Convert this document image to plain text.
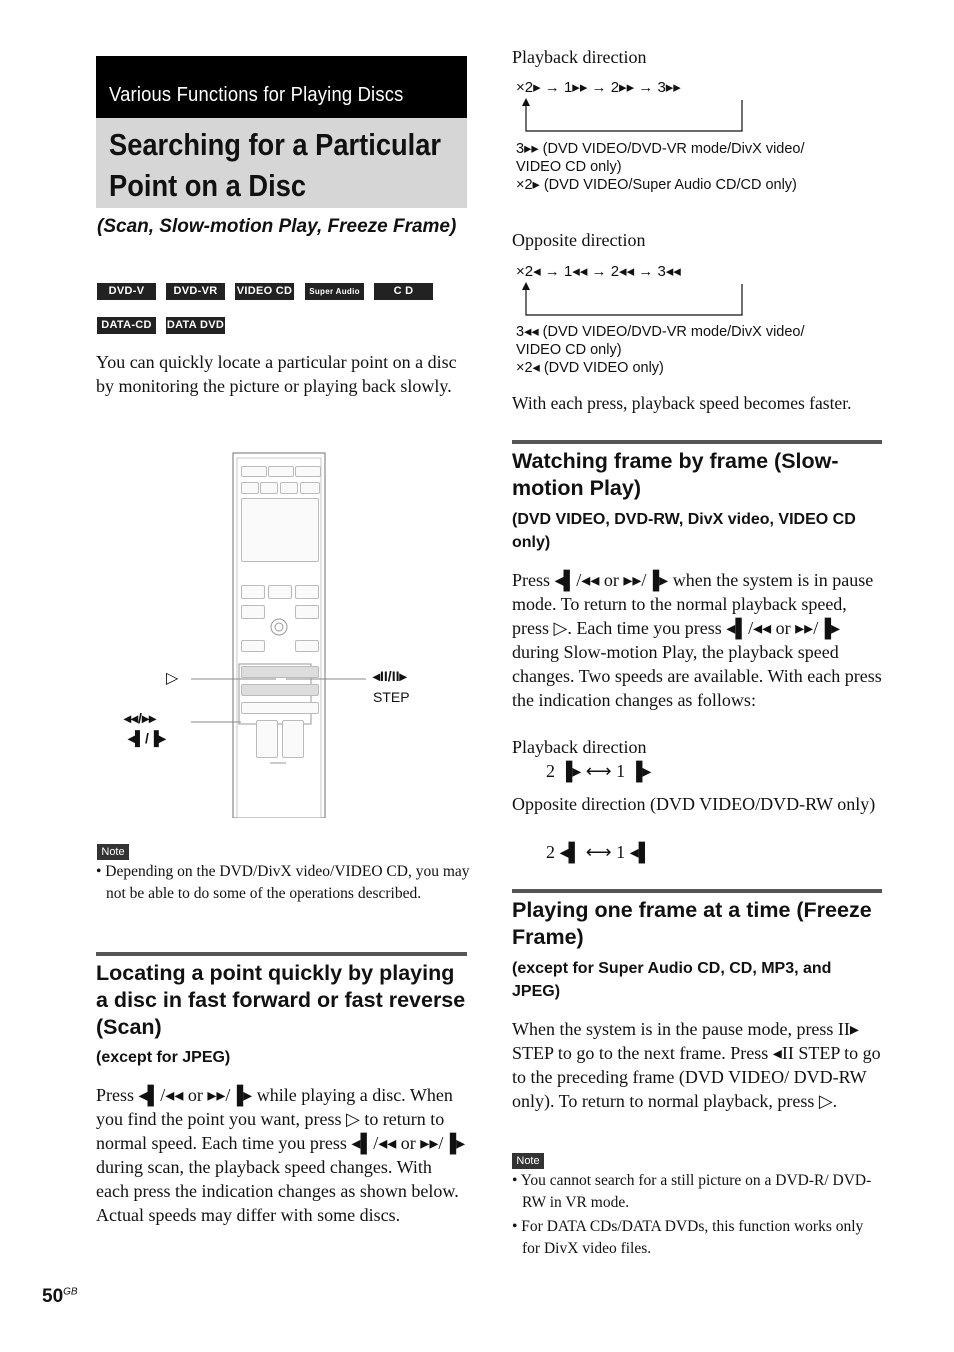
Various Functions for Playing Discs
Searching for a Particular
Point on a Disc
(Scan, Slow-motion Play, Freeze Frame)
DVD-V	DVD-VR	VIDEO CD	Super Audio CD
C D
DATA-CD	DATA DVD
You can quickly locate a particular point on a disc by monitoring the picture or playing back slowly.
▷	◂II/II▸
STEP
◂◂/▸▸
◂▌/▐▸
Note
• Depending on the DVD/DivX video/VIDEO CD, you may not be able to do some of the operations described.
Locating a point quickly by playing a disc in fast forward or fast reverse (Scan)
(except for JPEG)
Press ◂▌/◂◂ or ▸▸/▐▸ while playing a disc. When you find the point you want, press ▷ to return to normal speed. Each time you press ◂▌/◂◂ or ▸▸/▐▸ during scan, the playback speed changes. With each press the indication changes as shown below. Actual speeds may differ with some discs.
$50^{GB}$
Playback direction
×2▸ → 1▸▸ → 2▸▸ → 3▸▸
3▸▸ (DVD VIDEO/DVD-VR mode/DivX video/
VIDEO CD only)
×2▸ (DVD VIDEO/Super Audio CD/CD only)
Opposite direction
×2◂ → 1◂◂ → 2◂◂ → 3◂◂
3◂◂ (DVD VIDEO/DVD-VR mode/DivX video/
VIDEO CD only)
×2◂ (DVD VIDEO only)
With each press, playback speed becomes faster.
Watching frame by frame (Slow-motion Play)
(DVD VIDEO, DVD-RW, DivX video, VIDEO CD only)
Press ◂▌/◂◂ or ▸▸/▐▸ when the system is in pause mode. To return to the normal playback speed, press ▷. Each time you press ◂▌/◂◂ or ▸▸/▐▸ during Slow-motion Play, the playback speed changes. Two speeds are available. With each press the indication changes as follows:
Playback direction
2 ▐▸ ⟷ 1 ▐▸
Opposite direction (DVD VIDEO/DVD-RW only)
2 ◂▌ ⟷ 1 ◂▌
Playing one frame at a time (Freeze Frame)
(except for Super Audio CD, CD, MP3, and JPEG)
When the system is in the pause mode, press II▸ STEP to go to the next frame. Press ◂II STEP to go to the preceding frame (DVD VIDEO/ DVD-RW only). To return to normal playback, press ▷.
Note
• You cannot search for a still picture on a DVD-R/ DVD-RW in VR mode.
• For DATA CDs/DATA DVDs, this function works only for DivX video files.
